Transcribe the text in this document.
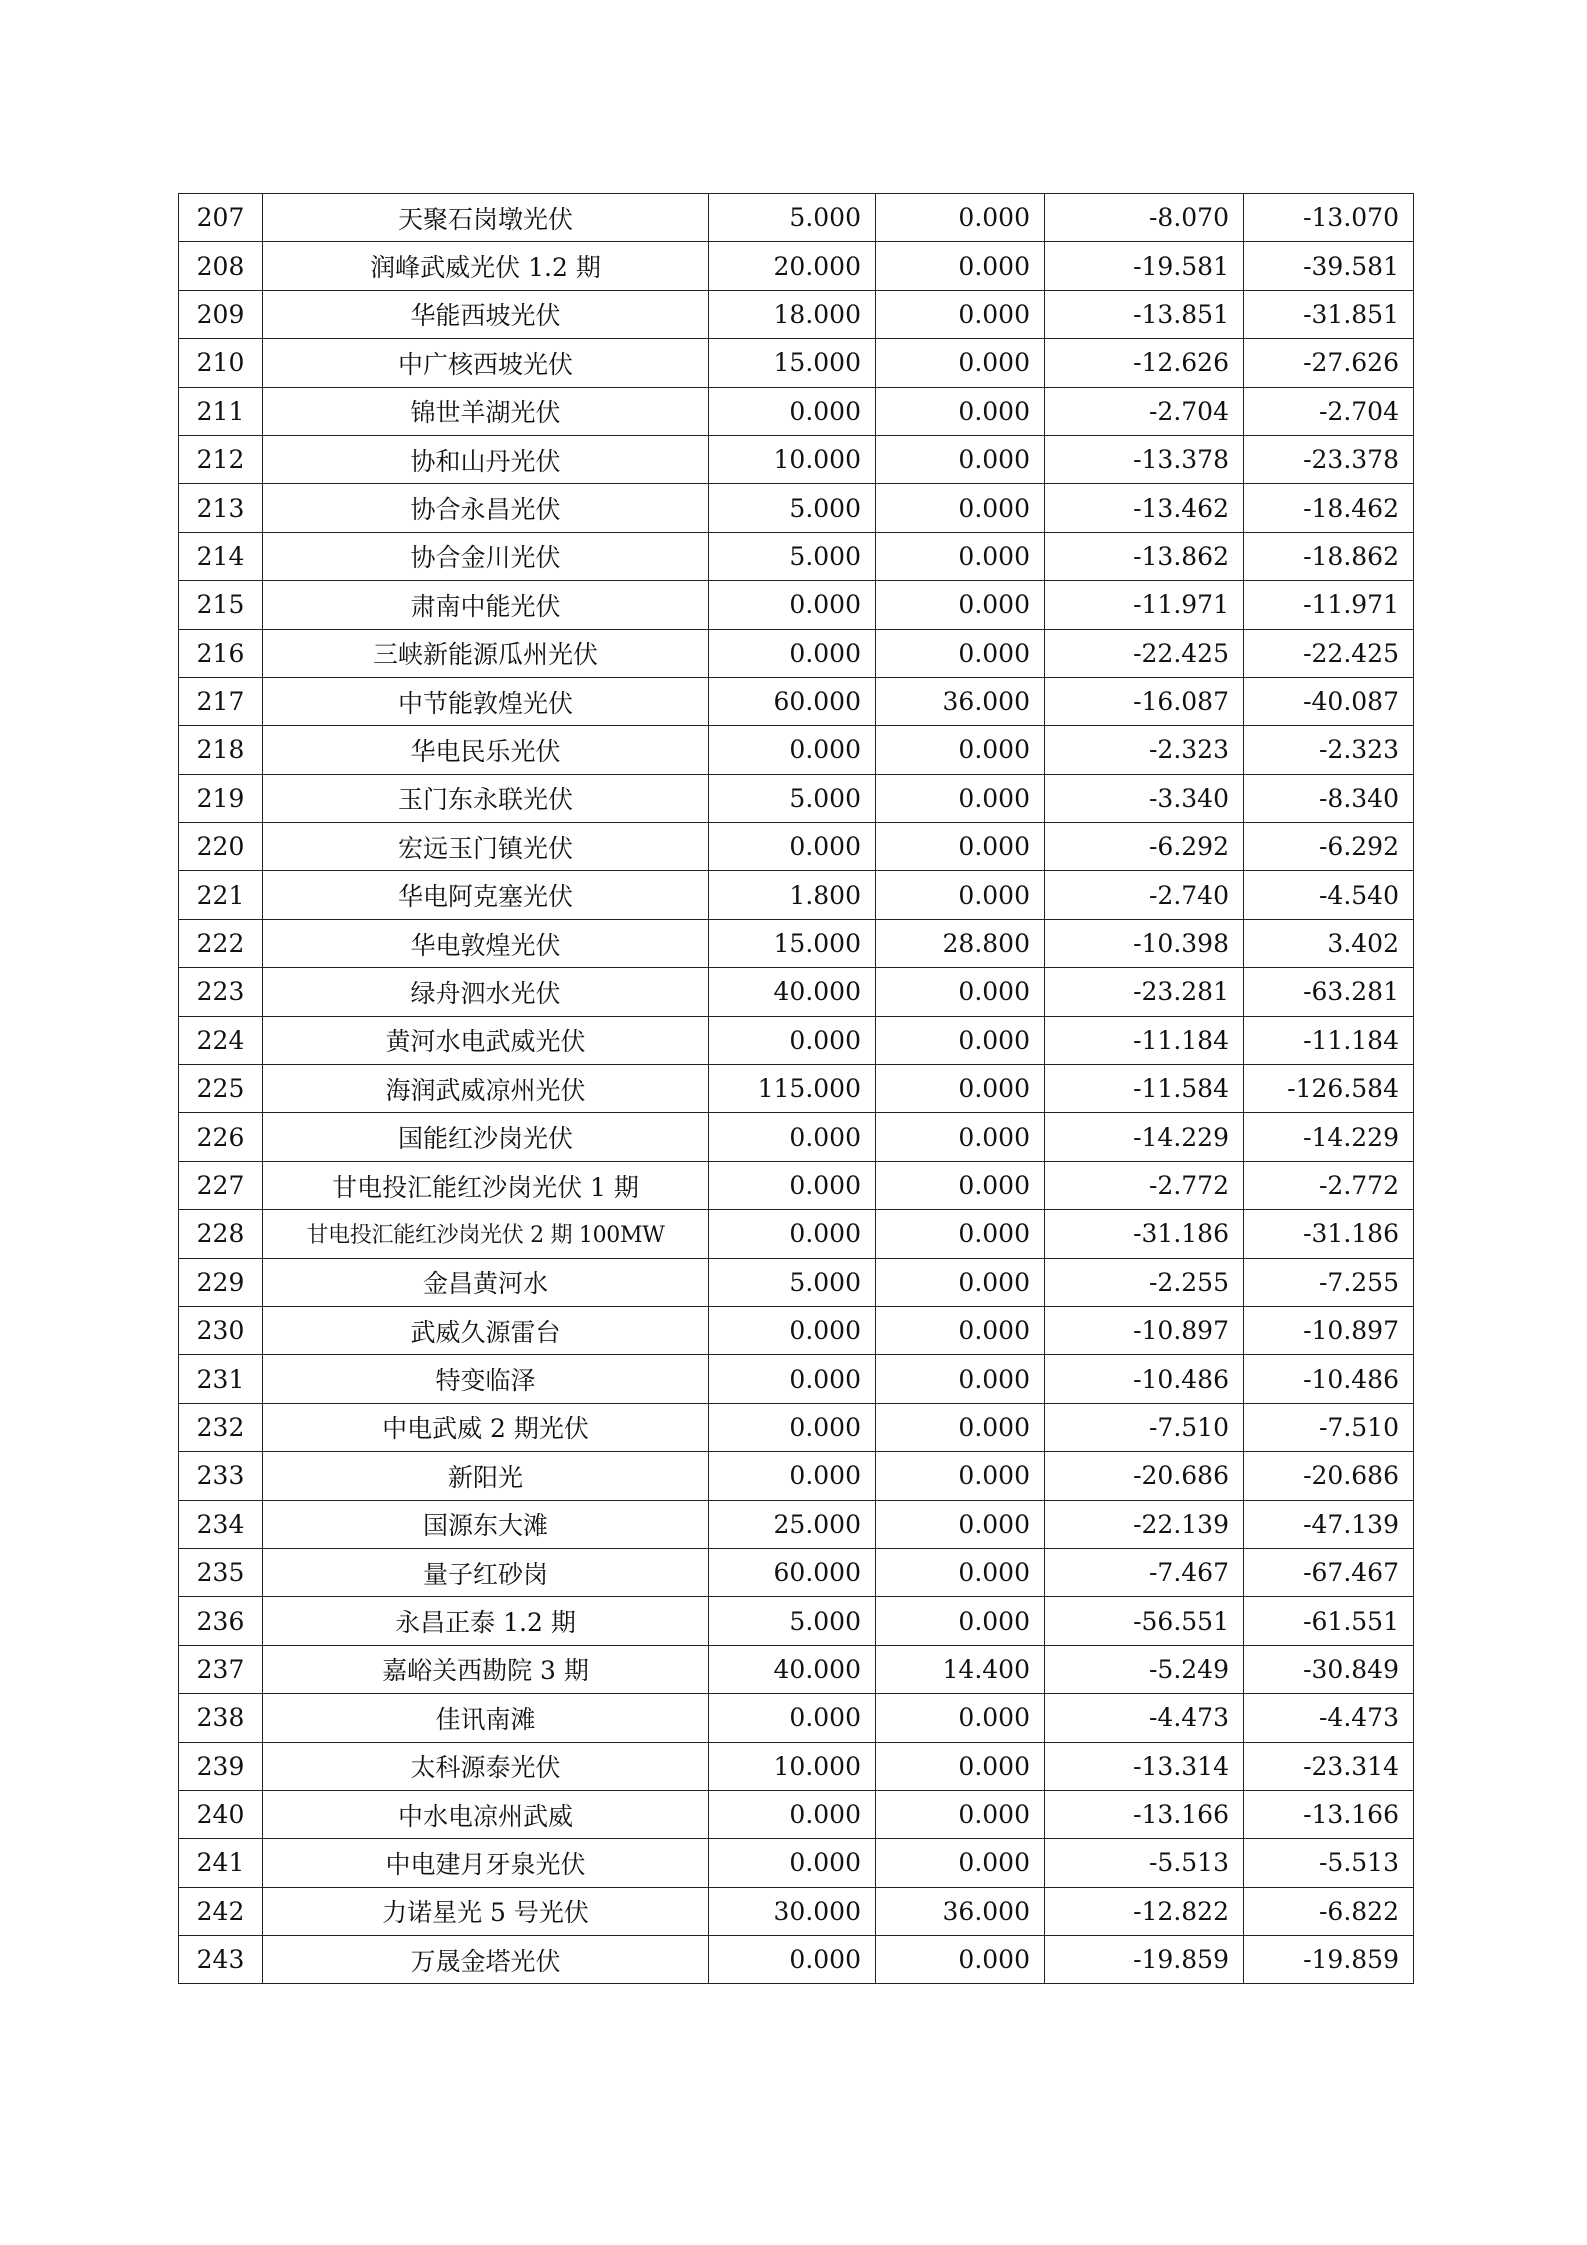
207	天聚石岗墩光伏	5.000	0.000	-8.070	-13.070
208	润峰武威光伏 1.2 期	20.000	0.000	-19.581	-39.581
209	华能西坡光伏	18.000	0.000	-13.851	-31.851
210	中广核西坡光伏	15.000	0.000	-12.626	-27.626
211	锦世羊湖光伏	0.000	0.000	-2.704	-2.704
212	协和山丹光伏	10.000	0.000	-13.378	-23.378
213	协合永昌光伏	5.000	0.000	-13.462	-18.462
214	协合金川光伏	5.000	0.000	-13.862	-18.862
215	肃南中能光伏	0.000	0.000	-11.971	-11.971
216	三峡新能源瓜州光伏	0.000	0.000	-22.425	-22.425
217	中节能敦煌光伏	60.000	36.000	-16.087	-40.087
218	华电民乐光伏	0.000	0.000	-2.323	-2.323
219	玉门东永联光伏	5.000	0.000	-3.340	-8.340
220	宏远玉门镇光伏	0.000	0.000	-6.292	-6.292
221	华电阿克塞光伏	1.800	0.000	-2.740	-4.540
222	华电敦煌光伏	15.000	28.800	-10.398	3.402
223	绿舟泗水光伏	40.000	0.000	-23.281	-63.281
224	黄河水电武威光伏	0.000	0.000	-11.184	-11.184
225	海润武威凉州光伏	115.000	0.000	-11.584	-126.584
226	国能红沙岗光伏	0.000	0.000	-14.229	-14.229
227	甘电投汇能红沙岗光伏 1 期	0.000	0.000	-2.772	-2.772
228	甘电投汇能红沙岗光伏 2 期 100MW	0.000	0.000	-31.186	-31.186
229	金昌黄河水	5.000	0.000	-2.255	-7.255
230	武威久源雷台	0.000	0.000	-10.897	-10.897
231	特变临泽	0.000	0.000	-10.486	-10.486
232	中电武威 2 期光伏	0.000	0.000	-7.510	-7.510
233	新阳光	0.000	0.000	-20.686	-20.686
234	国源东大滩	25.000	0.000	-22.139	-47.139
235	量子红砂岗	60.000	0.000	-7.467	-67.467
236	永昌正泰 1.2 期	5.000	0.000	-56.551	-61.551
237	嘉峪关西勘院 3 期	40.000	14.400	-5.249	-30.849
238	佳讯南滩	0.000	0.000	-4.473	-4.473
239	太科源泰光伏	10.000	0.000	-13.314	-23.314
240	中水电凉州武威	0.000	0.000	-13.166	-13.166
241	中电建月牙泉光伏	0.000	0.000	-5.513	-5.513
242	力诺星光 5 号光伏	30.000	36.000	-12.822	-6.822
243	万晟金塔光伏	0.000	0.000	-19.859	-19.859
